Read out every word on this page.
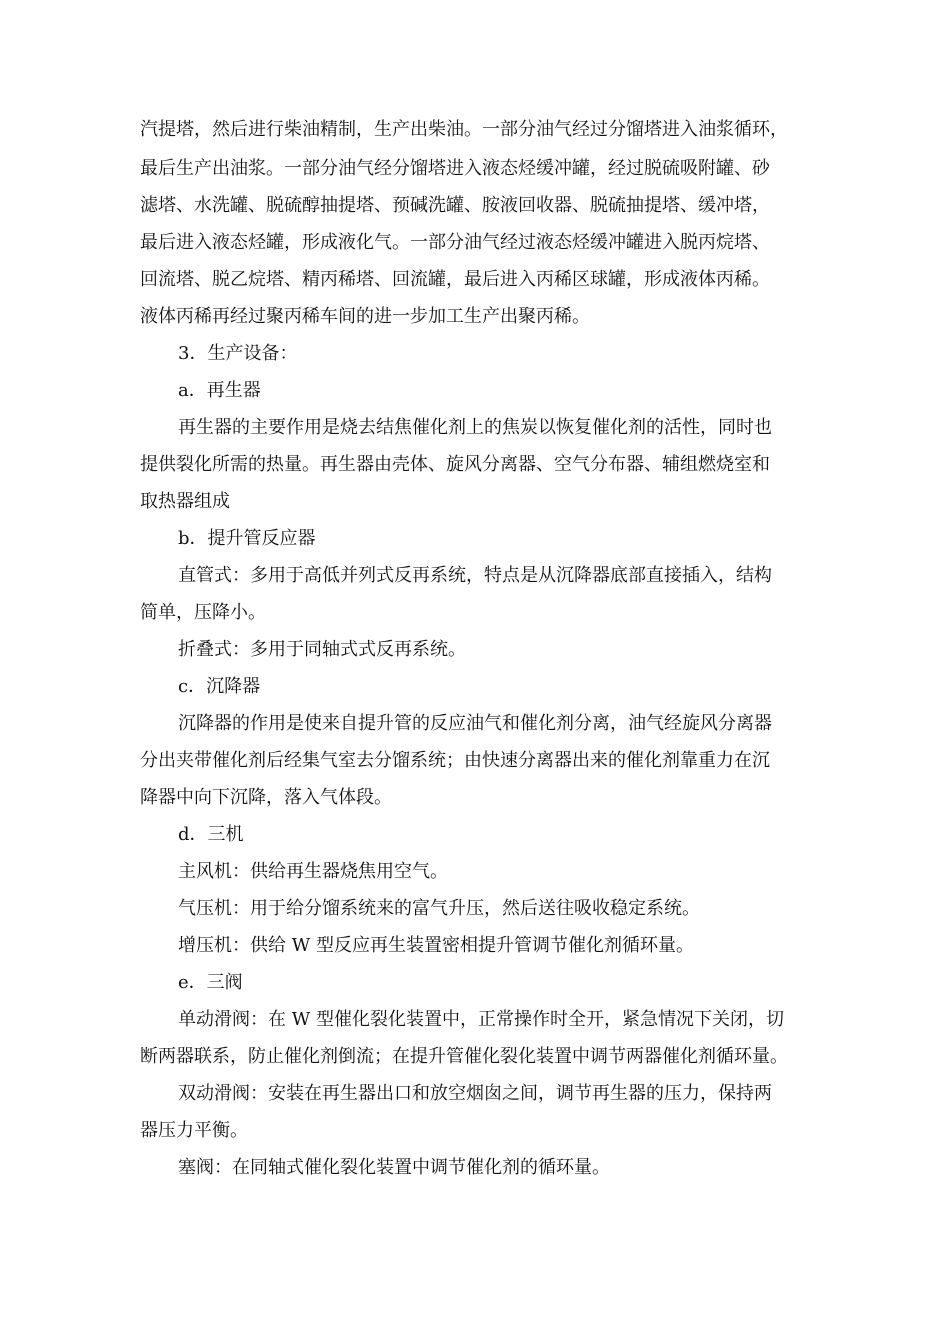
汽提塔，然后进行柴油精制，生产出柴油。一部分油气经过分馏塔进入油浆循环，
最后生产出油浆。一部分油气经分馏塔进入液态烃缓冲罐，经过脱硫吸附罐、砂
滤塔、水洗罐、脱硫醇抽提塔、预碱洗罐、胺液回收器、脱硫抽提塔、缓冲塔，
最后进入液态烃罐，形成液化气。一部分油气经过液态烃缓冲罐进入脱丙烷塔、
回流塔、脱乙烷塔、精丙稀塔、回流罐，最后进入丙稀区球罐，形成液体丙稀。
液体丙稀再经过聚丙稀车间的进一步加工生产出聚丙稀。
3．生产设备：
a．再生器
再生器的主要作用是烧去结焦催化剂上的焦炭以恢复催化剂的活性，同时也
提供裂化所需的热量。再生器由壳体、旋风分离器、空气分布器、辅组燃烧室和
取热器组成
b．提升管反应器
直管式：多用于高低并列式反再系统，特点是从沉降器底部直接插入，结构
简单，压降小。
折叠式：多用于同轴式式反再系统。
c．沉降器
沉降器的作用是使来自提升管的反应油气和催化剂分离，油气经旋风分离器
分出夹带催化剂后经集气室去分馏系统；由快速分离器出来的催化剂靠重力在沉
降器中向下沉降，落入气体段。
d．三机
主风机：供给再生器烧焦用空气。
气压机：用于给分馏系统来的富气升压，然后送往吸收稳定系统。
增压机：供给 W 型反应再生装置密相提升管调节催化剂循环量。
e．三阀
单动滑阀：在 W 型催化裂化装置中，正常操作时全开，紧急情况下关闭，切
断两器联系，防止催化剂倒流；在提升管催化裂化装置中调节两器催化剂循环量。
双动滑阀：安装在再生器出口和放空烟囱之间，调节再生器的压力，保持两
器压力平衡。
塞阀：在同轴式催化裂化装置中调节催化剂的循环量。
